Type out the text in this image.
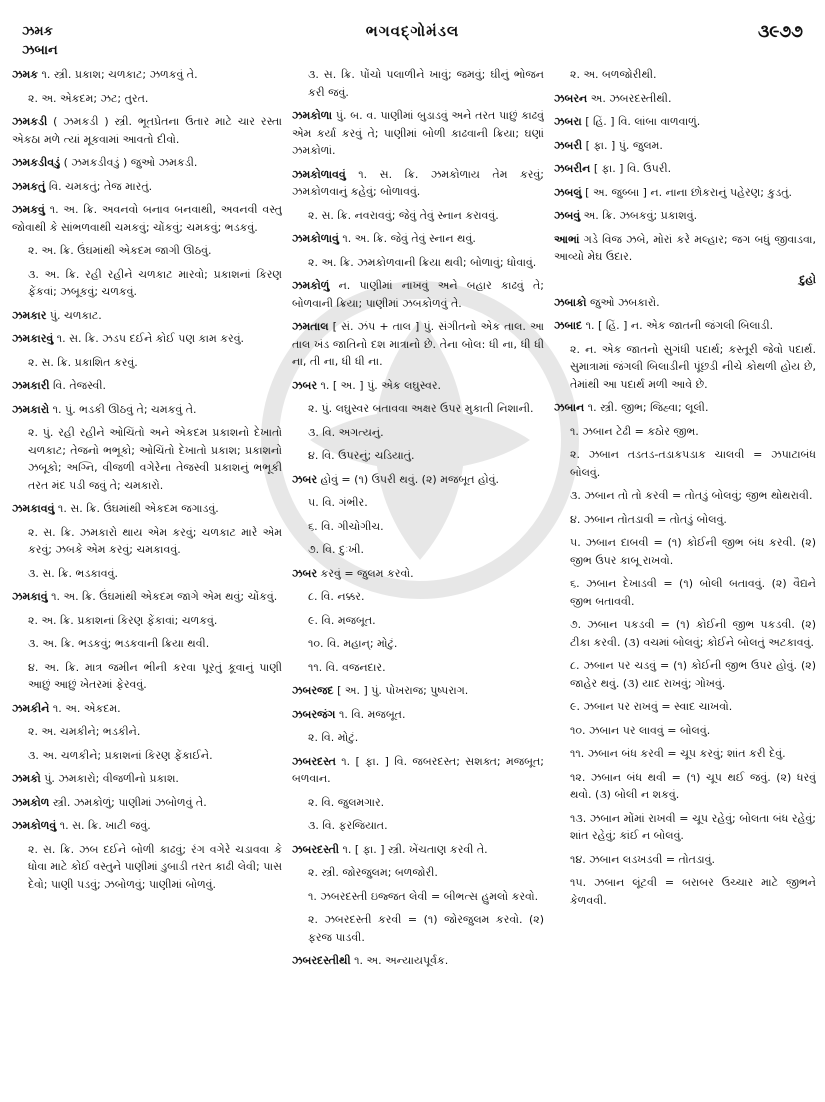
ઝમક
ઝબાન
ભગવદ્ગોમંડલ	૩૯૭૭
ઝમક ૧. સ્ત્રી. પ્રકાશ; ચળકાટ; ઝળકવું તે.
૨. અ. એકદમ; ઝટ; તુરત.
ઝમકડી ( ઝમકડી ) સ્ત્રી. ભૂતપ્રેતના ઉતાર માટે ચાર રસ્તા એકઠા મળે ત્યાં મૂકવામાં આવતો દીવો.
ઝમકડીવડું ( ઝમકડીવડું ) જુઓ ઝમકડી.
ઝમકતું વિ. ચમકતું; તેજ મારતું.
ઝમકવું ૧. અ. ક્રિ. અવનવો બનાવ બનવાથી, અવનવી વસ્તુ જોવાથી કે સાંભળવાથી ચમકવું; ચોંકવું; ચમકવું; ભડકવું.
૨. અ. ક્રિ. ઉંઘમાંથી એકદમ જાગી ઊઠવું.
૩. અ. ક્રિ. રહી રહીને ચળકાટ મારવો; પ્રકાશનાં કિરણ ફેંકવાં; ઝબૂકવું; ચળકવું.
ઝમકાર પું. ચળકાટ.
ઝમકારવું ૧. સ. ક્રિ. ઝડપ દઈને કોઈ પણ કામ કરવું.
૨. સ. ક્રિ. પ્રકાશિત કરવું.
ઝમકારી વિ. તેજસ્વી.
ઝમકારો ૧. પું. ભડકી ઊઠવું તે; ચમકવું તે.
૨. પું. રહી રહીને ઓચિંતો અને એકદમ પ્રકાશનો દેખાતો ચળકાટ; તેજનો ભભૂકો; ઓચિંતો દેખાતો પ્રકાશ; પ્રકાશનો ઝબૂકો; અગ્નિ, વીજળી વગેરેના તેજસ્વી પ્રકાશનું ભભૂકી તરત મંદ પડી જવું તે; ચમકારો.
ઝમકાવવું ૧. સ. ક્રિ. ઉંઘમાંથી એકદમ જગાડવું.
૨. સ. ક્રિ. ઝમકારો થાય એમ કરવું; ચળકાટ મારે એમ કરવું; ઝબકે એમ કરવું; ચમકાવવું.
૩. સ. ક્રિ. ભડકાવવું.
ઝમકાવું ૧. અ. ક્રિ. ઉંઘમાંથી એકદમ જાગે એમ થવું; ચોંકવું.
૨. અ. ક્રિ. પ્રકાશનાં કિરણ ફેંકાવાં; ચળકવું.
૩. અ. ક્રિ. ભડકવું; ભડકવાની ક્રિયા થવી.
૪. અ. ક્રિ. માત્ર જમીન ભીની કરવા પૂરતું કૂવાનું પાણી આછું આછું ખેતરમાં ફેરવવું.
ઝમકીને ૧. અ. એકદમ.
૨. અ. ચમકીને; ભડકીને.
૩. અ. ચળકીને; પ્રકાશનાં કિરણ ફેંકાઈને.
ઝમકો પું. ઝમકારો; વીજળીનો પ્રકાશ.
ઝમકોળ સ્ત્રી. ઝમકોળું; પાણીમાં ઝબોળવું તે.
ઝમકોળવું ૧. સ. ક્રિ. ખાટી જવું.
૨. સ. ક્રિ. ઝબ દઈને બોળી કાઢવું; રંગ વગેરે ચડાવવા કે ધોવા માટે કોઈ વસ્તુને પાણીમાં ડુબાડી તરત કાઢી લેવી; પાસ દેવો; પાણી પડવું; ઝબોળવું; પાણીમાં બોળવું.
૩. સ. ક્રિ. પોંચો પલાળીને ખાવું; જમવું; ઘીનું ભોજન કરી જવું.
ઝમકોળા પું. બ. વ. પાણીમાં બુડાડવું અને તરત પાછું કાઢવું એમ કર્યા કરવું તે; પાણીમાં બોળી કાઢવાની ક્રિયા; ઘણાં ઝમકોળાં.
ઝમકોળાવવું ૧. સ. ક્રિ. ઝમકોળાય તેમ કરવું; ઝમકોળવાનું કહેવું; બોળાવવું.
૨. સ. ક્રિ. નવરાવવું; જેવું તેવું સ્નાન કરાવવું.
ઝમકોળાવું ૧. અ. ક્રિ. જેવું તેવું સ્નાન થવું.
૨. અ. ક્રિ. ઝમકોળવાની ક્રિયા થવી; બોળાવું; ધોવાવું.
ઝમકોળું ન. પાણીમાં નાખવું અને બહાર કાઢવું તે; બોળવાની ક્રિયા; પાણીમાં ઝબકોળવું તે.
ઝમતાલ [ સં. ઝંપ + તાલ ] પું. સંગીતનો એક તાલ. આ તાલ ખંડ જાતિનો દશ માત્રાનો છે. તેના બોલ: ધી ના, ધી ધી ના, તી ના, ધી ધી ના.
ઝબર ૧. [ અ. ] પું. એક લઘુસ્વર.
૨. પું. લઘુસ્વર બતાવવા અક્ષર ઉપર મુકાતી નિશાની.
૩. વિ. અગત્યનું.
૪. વિ. ઉપરનું; ચડિયાતું.
ઝબર હોવું = (૧) ઉપરી થવું. (૨) મજબૂત હોવું.
૫. વિ. ગંભીર.
૬. વિ. ગીચોગીચ.
૭. વિ. દુઃખી.
ઝબર કરવું = જુલમ કરવો.
૮. વિ. નક્કર.
૯. વિ. મજબૂત.
૧૦. વિ. મહાન્; મોટું.
૧૧. વિ. વજનદાર.
ઝબરજદ [ અ. ] પું. પોખરાજ; પુષ્પરાગ.
ઝબરજંગ ૧. વિ. મજબૂત.
૨. વિ. મોટું.
ઝબરદસ્ત ૧. [ ફા. ] વિ. જબરદસ્ત; સશક્ત; મજબૂત; બળવાન.
૨. વિ. જુલમગાર.
૩. વિ. ફરજિયાત.
ઝબરદસ્તી ૧. [ ફા. ] સ્ત્રી. ખેંચતાણ કરવી તે.
૨. સ્ત્રી. જોરજુલમ; બળજોરી.
૧. ઝબરદસ્તી ઇજ્જત લેવી = બીભત્સ હુમલો કરવો.
૨. ઝબરદસ્તી કરવી = (૧) જોરજુલમ કરવો. (૨) ફરજ પાડવી.
ઝબરદસ્તીથી ૧. અ. અન્યાયપૂર્વક.
૨. અ. બળજોરીથી.
ઝબરન અ. ઝબરદસ્તીથી.
ઝબરા [ હિં. ] વિ. લાંબા વાળવાળું.
ઝબરી [ ફા. ] પું. જુલમ.
ઝબરીન [ ફા. ] વિ. ઉપરી.
ઝબલું [ અ. જુબ્બા ] ન. નાના છોકરાનું પહેરણ; કુડતું.
ઝબવું અ. ક્રિ. ઝબકવું; પ્રકાશવું.
આભાં ગડે વિજ ઝબે, મોરાં કરે મલ્હાર; જગ બધું જીવાડવા, આવ્યો મેઘ ઉદાર.
દુહો
ઝબાકો જુઓ ઝબકારો.
ઝબાદ ૧. [ હિં. ] ન. એક જાતની જંગલી બિલાડી.
૨. ન. એક જાતનો સુગંધી પદાર્થ; કસ્તૂરી જેવો પદાર્થ. સુમાત્રામાં જંગલી બિલાડીની પૂંછડી નીચે કોથળી હોય છે, તેમાંથી આ પદાર્થ મળી આવે છે.
ઝબાન ૧. સ્ત્રી. જીભ; જિહ્વા; લૂલી.
૧. ઝબાન ટેઢી = કઠોર જીભ.
૨. ઝબાન તડતડ-તડાકપડાક ચાલવી = ઝપાટાબંધ બોલવું.
૩. ઝબાન તો તો કરવી = તોતડું બોલવું; જીભ થોથરાવી.
૪. ઝબાન તોતડાવી = તોતડું બોલવું.
૫. ઝબાન દાબવી = (૧) કોઈની જીભ બંધ કરવી. (૨) જીભ ઉપર કાબૂ રાખવો.
૬. ઝબાન દેખાડવી = (૧) બોલી બતાવવું. (૨) વૈદ્યને જીભ બતાવવી.
૭. ઝબાન પકડવી = (૧) કોઈની જીભ પકડવી. (૨) ટીકા કરવી. (૩) વચમાં બોલવું; કોઈને બોલતું અટકાવવું.
૮. ઝબાન પર ચડવું = (૧) કોઈની જીભ ઉપર હોવું. (૨) જાહેર થવું. (૩) યાદ રાખવું; ગોખવું.
૯. ઝબાન પર રાખવું = સ્વાદ ચાખવો.
૧૦. ઝબાન પર લાવવું = બોલવું.
૧૧. ઝબાન બંધ કરવી = ચૂપ કરવું; શાંત કરી દેવું.
૧૨. ઝબાન બંધ થવી = (૧) ચૂપ થઈ જવું. (૨) ધરવું થવો. (૩) બોલી ન શકવું.
૧૩. ઝબાન મોંમાં રાખવી = ચૂપ રહેવું; બોલતા બંધ રહેવું; શાંત રહેવું; કાંઈ ન બોલવું.
૧૪. ઝબાન લડખડવી = તોતડાવું.
૧૫. ઝબાન લૂંટવી = બરાબર ઉચ્ચાર માટે જીભને કેળવવી.
